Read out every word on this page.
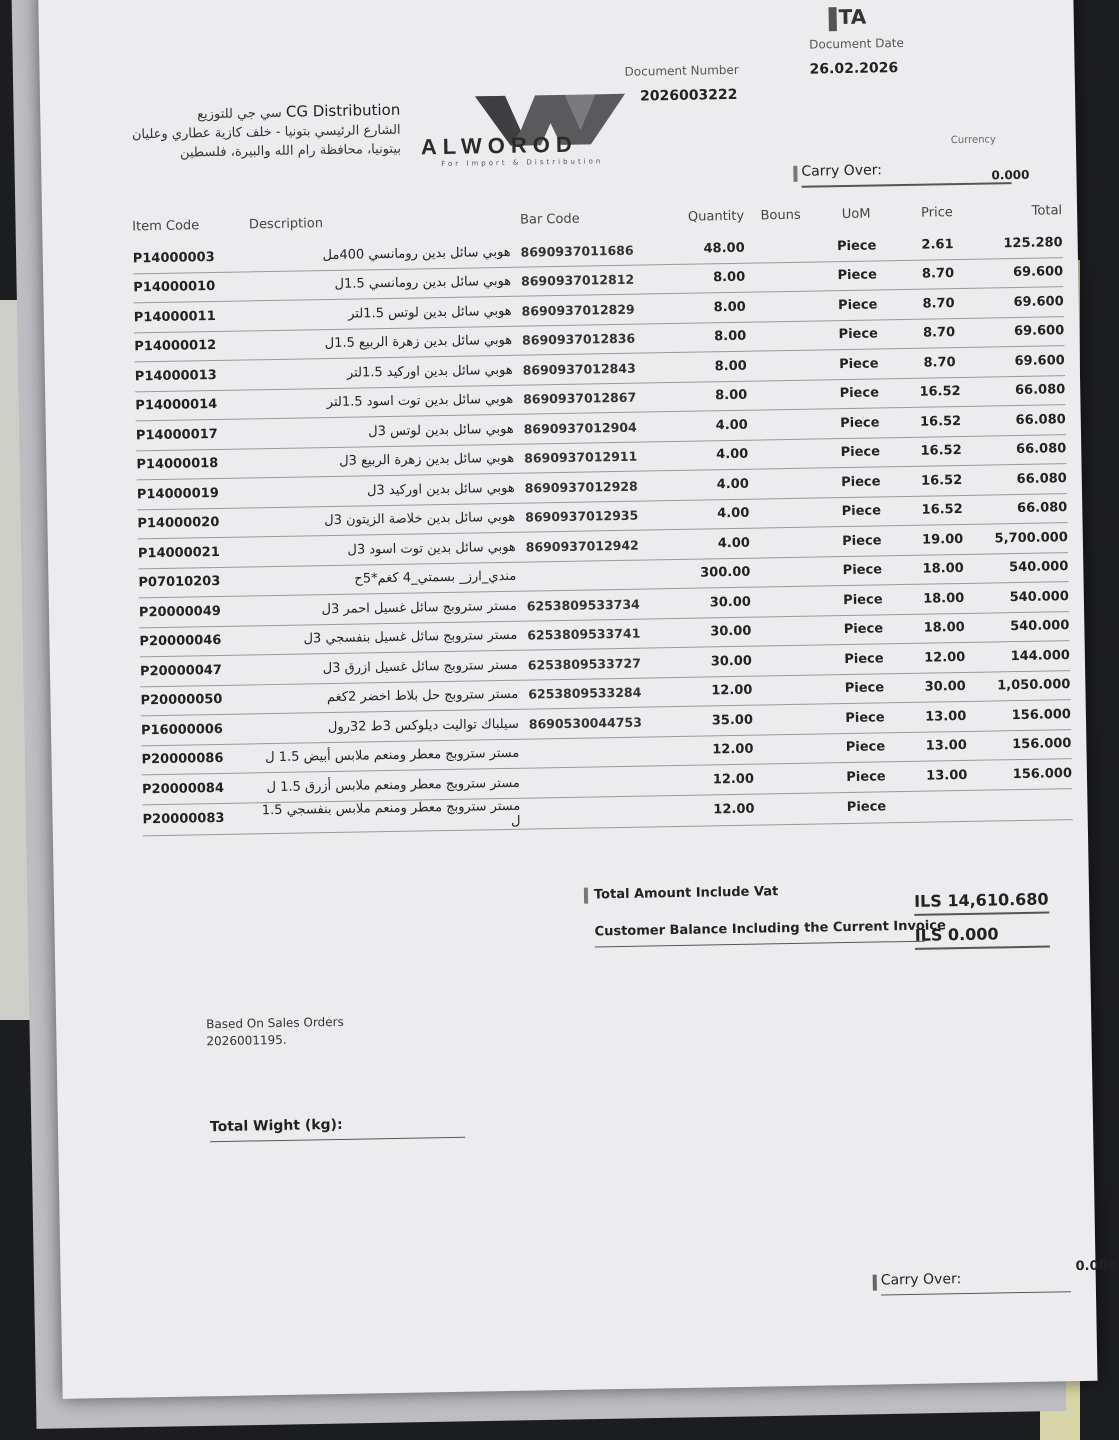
TA
Document Date
26.02.2026
Document Number
2026003222
Currency
سي جي للتوزيع CG Distribution
الشارع الرئيسي بتونيا - خلف كازية عطاري وعليان
بيتونيا، محافظة رام الله والبيرة، فلسطين ALWOROD
For Import & Distribution	Carry Over:	0.000
Item Code	Description	Bar Code	Quantity	Bouns	UoM	Price	Total
P14000003	هوبي سائل بدين رومانسي 400مل	8690937011686	48.00		Piece	2.61	125.280
P14000010	هوبي سائل بدين رومانسي 1.5ل	8690937012812	8.00		Piece	8.70	69.600
P14000011	هوبي سائل بدين لوتس 1.5لتر	8690937012829	8.00		Piece	8.70	69.600
P14000012	هوبي سائل بدين زهرة الربيع 1.5ل	8690937012836	8.00		Piece	8.70	69.600
P14000013	هوبي سائل بدين اوركيد 1.5لتر	8690937012843	8.00		Piece	8.70	69.600
P14000014	هوبي سائل بدين توت اسود 1.5لتر	8690937012867	8.00		Piece	16.52	66.080
P14000017	هوبي سائل بدين لوتس 3ل	8690937012904	4.00		Piece	16.52	66.080
P14000018	هوبي سائل بدين زهرة الربيع 3ل	8690937012911	4.00		Piece	16.52	66.080
P14000019	هوبي سائل بدين اوركيد 3ل	8690937012928	4.00		Piece	16.52	66.080
P14000020	هوبي سائل بدين خلاصة الزيتون 3ل	8690937012935	4.00		Piece	16.52	66.080
P14000021	هوبي سائل بدين توت اسود 3ل	8690937012942	4.00		Piece	19.00	5,700.000
P07010203	مندي_ارز_ بسمتي_4 كغم*5ح		300.00		Piece	18.00	540.000
P20000049	مستر ستروبج سائل غسيل احمر 3ل	6253809533734	30.00		Piece	18.00	540.000
P20000046	مستر ستروبج سائل غسيل بنفسجي 3ل	6253809533741	30.00		Piece	18.00	540.000
P20000047	مستر ستروبج سائل غسيل ازرق 3ل	6253809533727	30.00		Piece	12.00	144.000
P20000050	مستر ستروبج حل بلاط اخضر 2كغم	6253809533284	12.00		Piece	30.00	1,050.000
P16000006	سيلباك تواليت ديلوكس 3ط 32رول	8690530044753	35.00		Piece	13.00	156.000
P20000086	مستر ستروبج معطر ومنعم ملابس أبيض 1.5 ل		12.00		Piece	13.00	156.000
P20000084	مستر ستروبج معطر ومنعم ملابس أزرق 1.5 ل		12.00		Piece	13.00	156.000
P20000083	مستر ستروبج معطر ومنعم ملابس بنفسجي 1.5 ل		12.00		Piece		
Total Amount Include Vat	ILS 14,610.680
Customer Balance Including the Current Invoice
ILS 0.000
Based On Sales Orders
2026001195.
Total Wight (kg):
Carry Over:
0.000
